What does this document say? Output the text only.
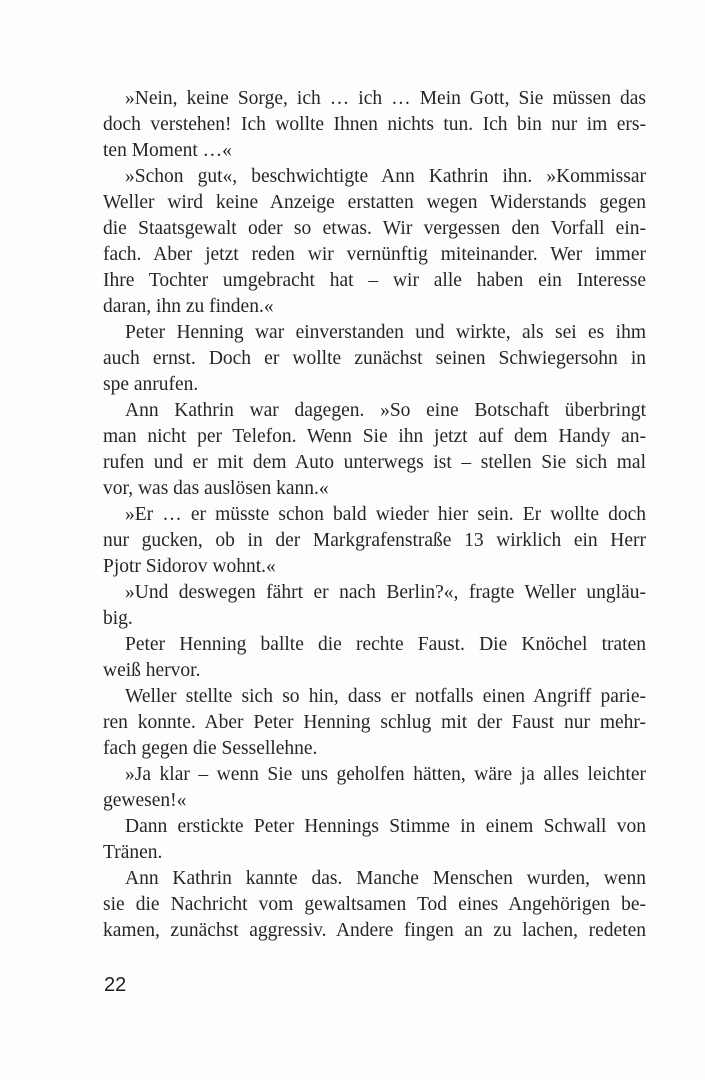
»Nein, keine Sorge, ich … ich … Mein Gott, Sie müssen das
doch verstehen! Ich wollte Ihnen nichts tun. Ich bin nur im ers-
ten Moment …«
»Schon gut«, beschwichtigte Ann Kathrin ihn. »Kommissar
Weller wird keine Anzeige erstatten wegen Widerstands gegen
die Staatsgewalt oder so etwas. Wir vergessen den Vorfall ein-
fach. Aber jetzt reden wir vernünftig miteinander. Wer immer
Ihre Tochter umgebracht hat – wir alle haben ein Interesse
daran, ihn zu finden.«
Peter Henning war einverstanden und wirkte, als sei es ihm
auch ernst. Doch er wollte zunächst seinen Schwiegersohn in
spe anrufen.
Ann Kathrin war dagegen. »So eine Botschaft überbringt
man nicht per Telefon. Wenn Sie ihn jetzt auf dem Handy an-
rufen und er mit dem Auto unterwegs ist – stellen Sie sich mal
vor, was das auslösen kann.«
»Er … er müsste schon bald wieder hier sein. Er wollte doch
nur gucken, ob in der Markgrafenstraße 13 wirklich ein Herr
Pjotr Sidorov wohnt.«
»Und deswegen fährt er nach Berlin?«, fragte Weller ungläu-
big.
Peter Henning ballte die rechte Faust. Die Knöchel traten
weiß hervor.
Weller stellte sich so hin, dass er notfalls einen Angriff parie-
ren konnte. Aber Peter Henning schlug mit der Faust nur mehr-
fach gegen die Sessellehne.
»Ja klar – wenn Sie uns geholfen hätten, wäre ja alles leichter
gewesen!«
Dann erstickte Peter Hennings Stimme in einem Schwall von
Tränen.
Ann Kathrin kannte das. Manche Menschen wurden, wenn
sie die Nachricht vom gewaltsamen Tod eines Angehörigen be-
kamen, zunächst aggressiv. Andere fingen an zu lachen, redeten
22
